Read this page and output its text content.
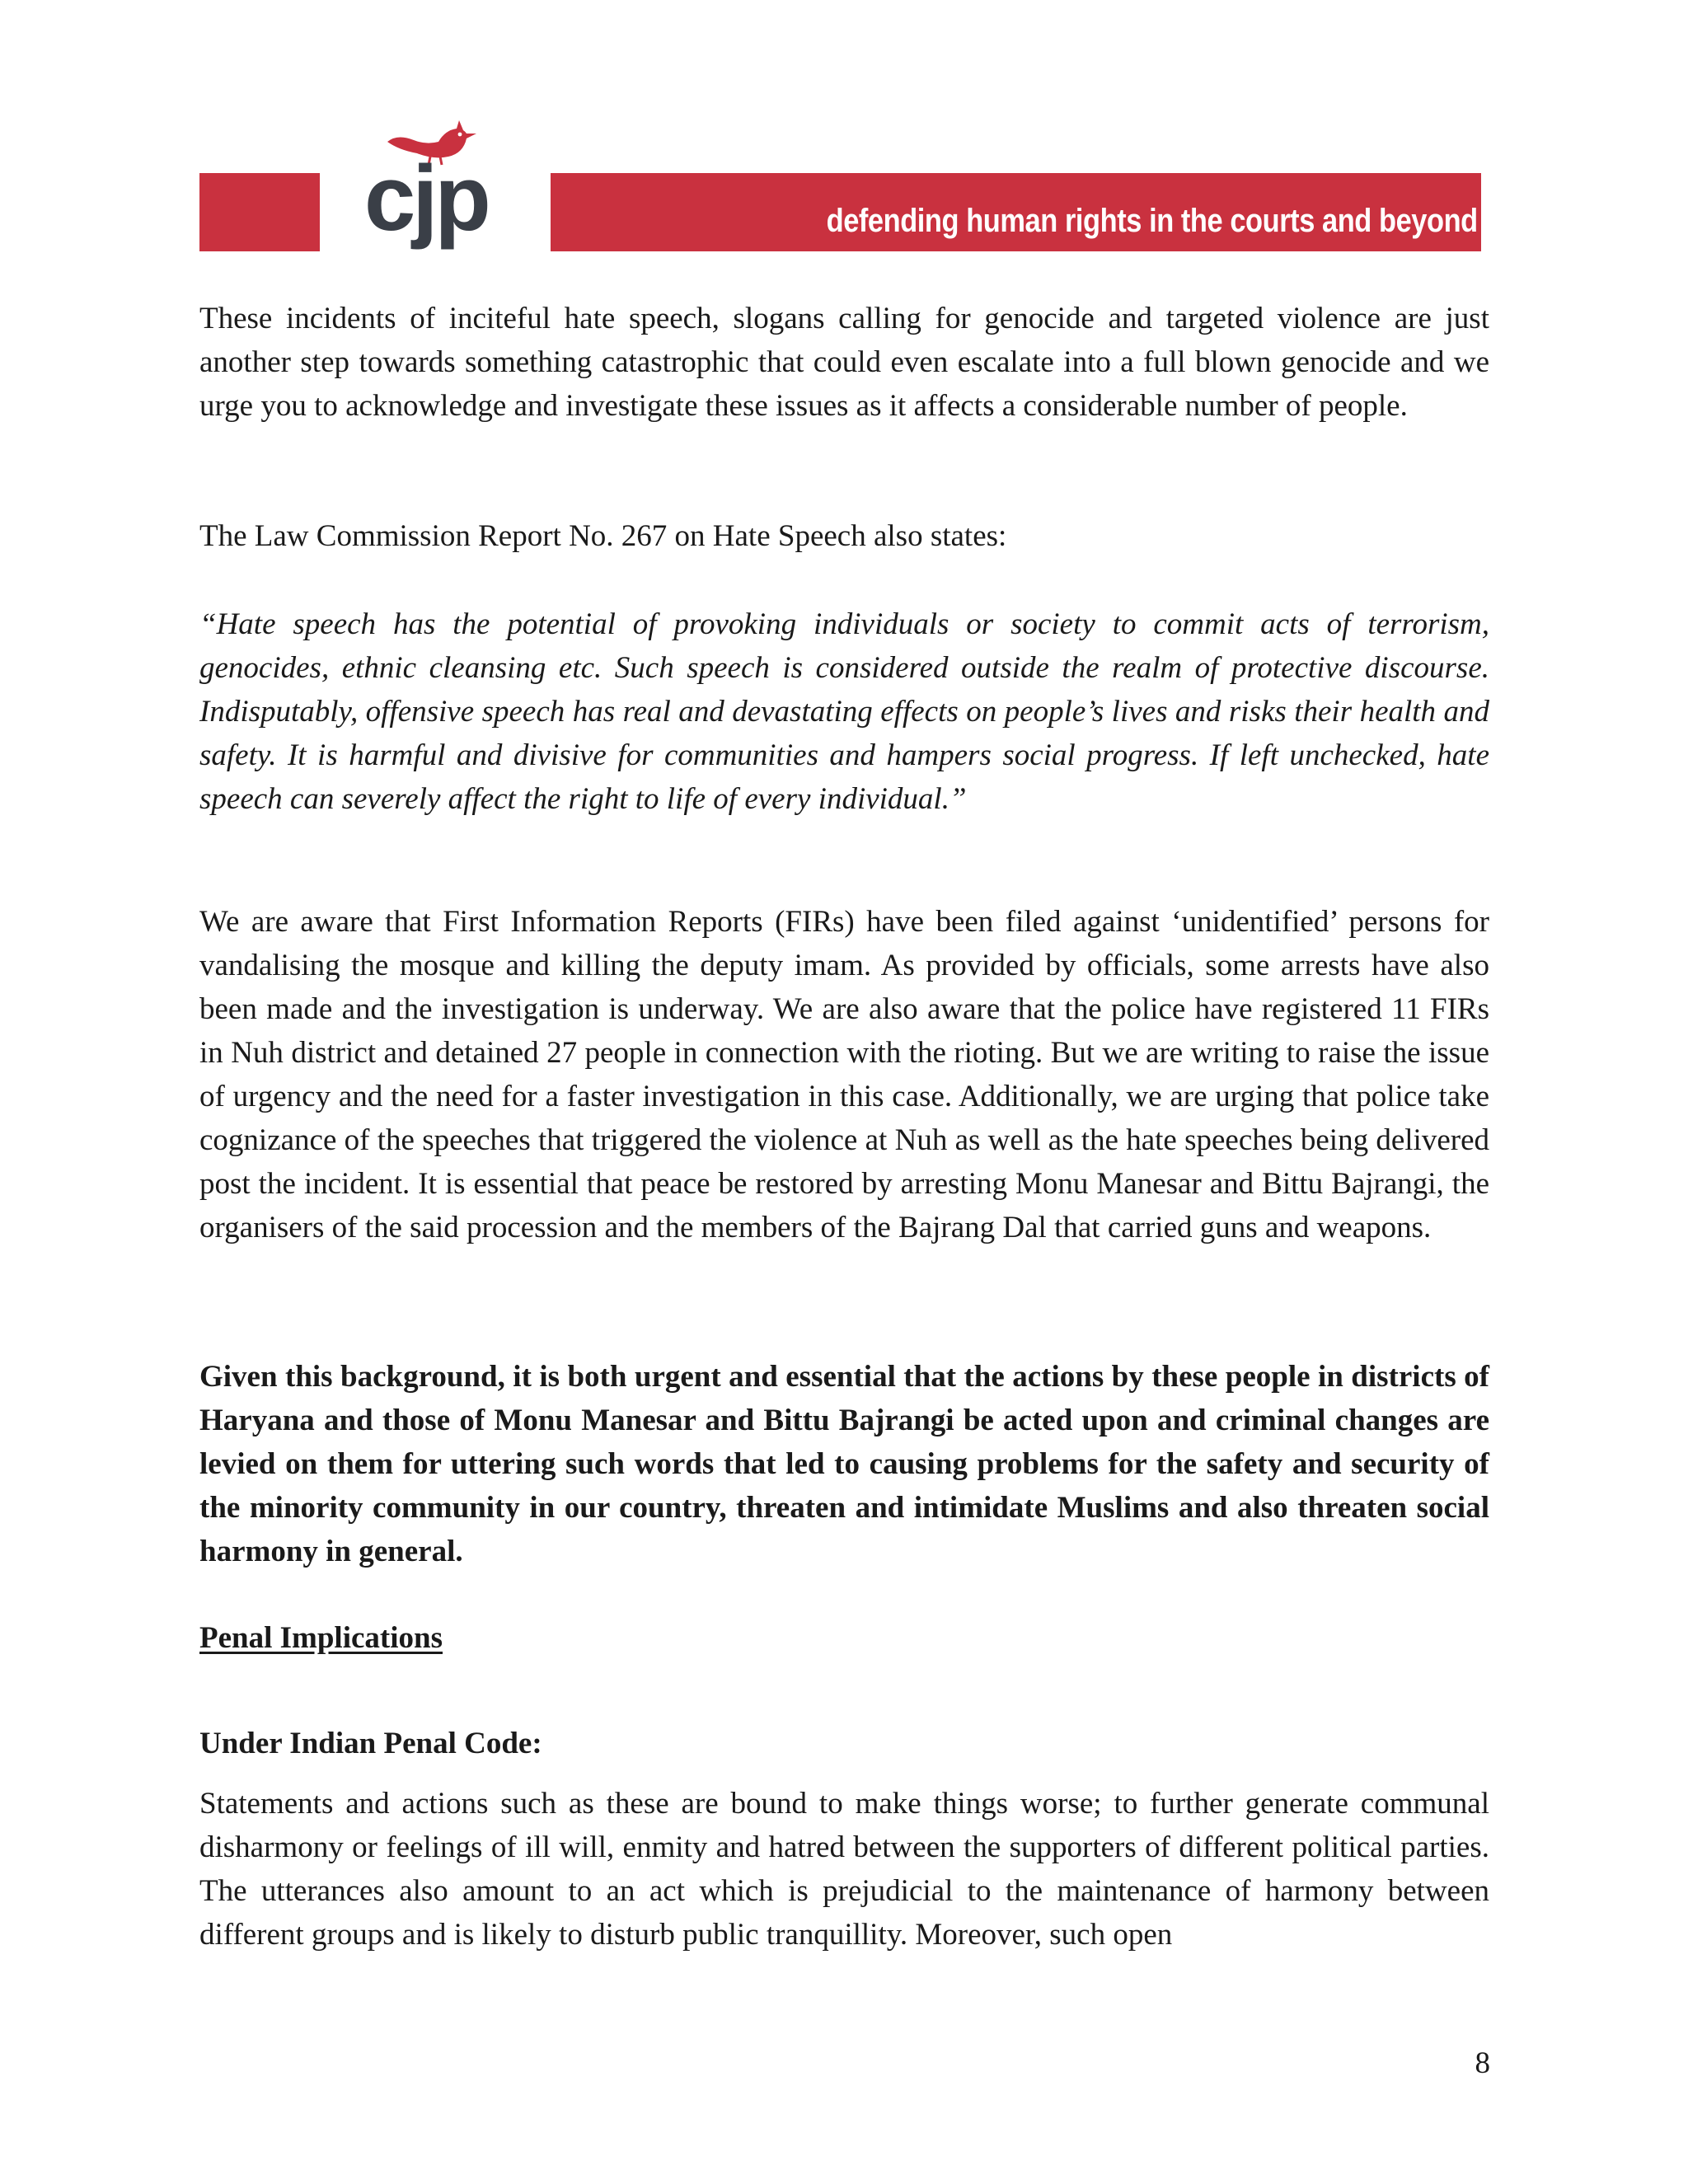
cjp	defending human rights in the courts and beyond

These incidents of inciteful hate speech, slogans calling for genocide and targeted violence are just another step towards something catastrophic that could even escalate into a full blown genocide and we urge you to acknowledge and investigate these issues as it affects a considerable number of people.

The Law Commission Report No. 267 on Hate Speech also states:

“Hate speech has the potential of provoking individuals or society to commit acts of terrorism, genocides, ethnic cleansing etc. Such speech is considered outside the realm of protective discourse. Indisputably, offensive speech has real and devastating effects on people’s lives and risks their health and safety. It is harmful and divisive for communities and hampers social progress. If left unchecked, hate speech can severely affect the right to life of every individual.”

We are aware that First Information Reports (FIRs) have been filed against ‘unidentified’ persons for vandalising the mosque and killing the deputy imam. As provided by officials, some arrests have also been made and the investigation is underway. We are also aware that the police have registered 11 FIRs in Nuh district and detained 27 people in connection with the rioting. But we are writing to raise the issue of urgency and the need for a faster investigation in this case. Additionally, we are urging that police take cognizance of the speeches that triggered the violence at Nuh as well as the hate speeches being delivered post the incident. It is essential that peace be restored by arresting Monu Manesar and Bittu Bajrangi, the organisers of the said procession and the members of the Bajrang Dal that carried guns and weapons.

Given this background, it is both urgent and essential that the actions by these people in districts of Haryana and those of Monu Manesar and Bittu Bajrangi be acted upon and criminal changes are levied on them for uttering such words that led to causing problems for the safety and security of the minority community in our country, threaten and intimidate Muslims and also threaten social harmony in general.

Penal Implications

Under Indian Penal Code:

Statements and actions such as these are bound to make things worse; to further generate communal disharmony or feelings of ill will, enmity and hatred between the supporters of different political parties. The utterances also amount to an act which is prejudicial to the maintenance of harmony between different groups and is likely to disturb public tranquillity. Moreover, such open

8
